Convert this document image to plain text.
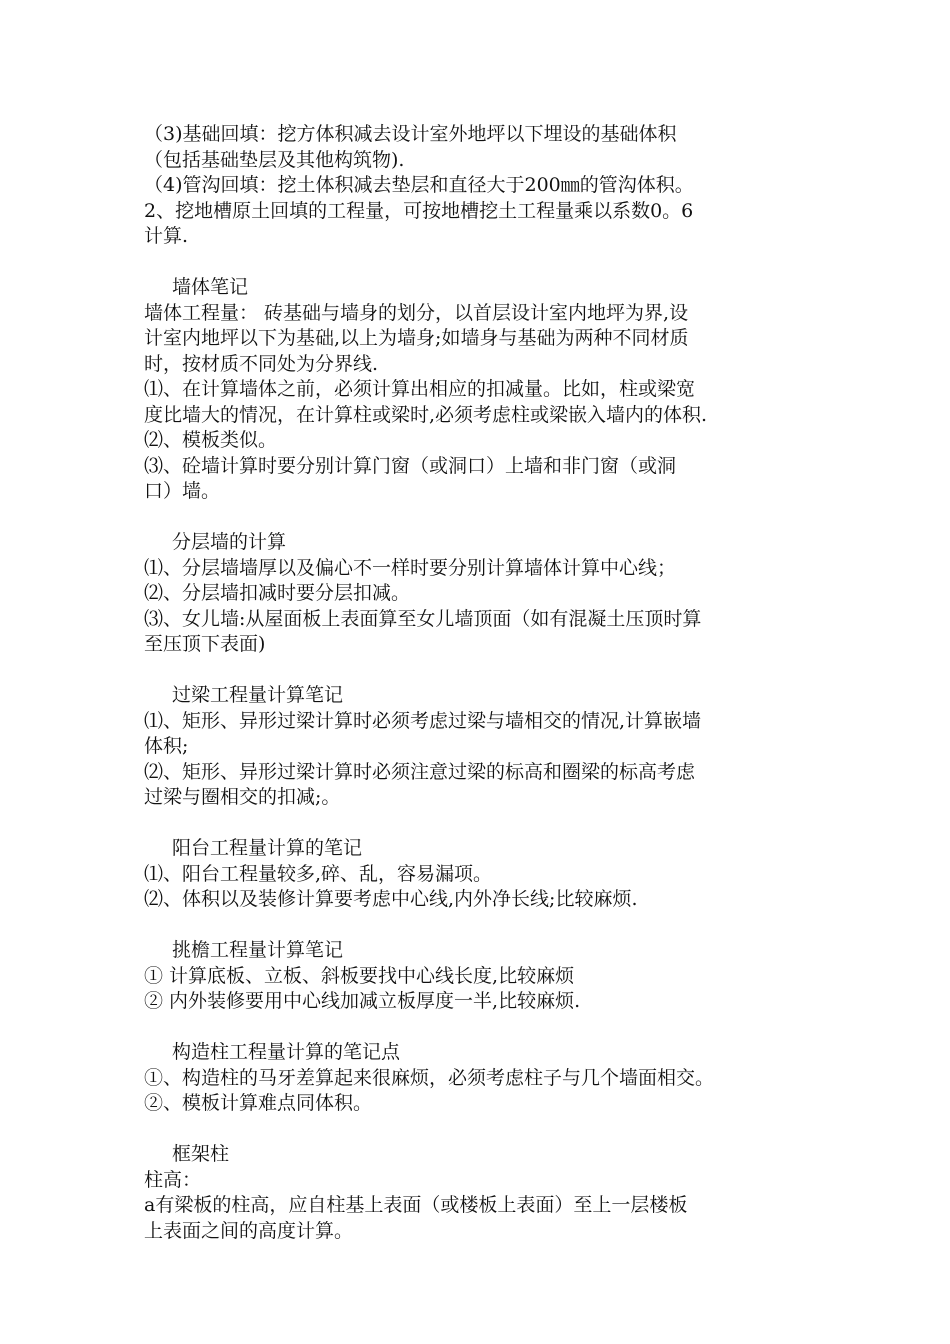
（3)基础回填：挖方体积减去设计室外地坪以下埋设的基础体积
（包括基础垫层及其他构筑物).
（4)管沟回填：挖土体积减去垫层和直径大于200㎜的管沟体积。
2、挖地槽原土回填的工程量，可按地槽挖土工程量乘以系数0。6
计算.
墙体笔记
墙体工程量： 砖基础与墙身的划分，以首层设计室内地坪为界,设
计室内地坪以下为基础,以上为墙身;如墙身与基础为两种不同材质
时，按材质不同处为分界线.
⑴、在计算墙体之前，必须计算出相应的扣减量。比如，柱或梁宽
度比墙大的情况，在计算柱或梁时,必须考虑柱或梁嵌入墙内的体积.
⑵、模板类似。
⑶、砼墙计算时要分别计算门窗（或洞口）上墙和非门窗（或洞
口）墙。
分层墙的计算
⑴、分层墙墙厚以及偏心不一样时要分别计算墙体计算中心线；
⑵、分层墙扣减时要分层扣减。
⑶、女儿墙:从屋面板上表面算至女儿墙顶面（如有混凝土压顶时算
至压顶下表面)
过梁工程量计算笔记
⑴、矩形、异形过梁计算时必须考虑过梁与墙相交的情况,计算嵌墙
体积;
⑵、矩形、异形过梁计算时必须注意过梁的标高和圈梁的标高考虑
过梁与圈相交的扣减;。
阳台工程量计算的笔记
⑴、阳台工程量较多,碎、乱，容易漏项。
⑵、体积以及装修计算要考虑中心线,内外净长线;比较麻烦.
挑檐工程量计算笔记
① 计算底板、立板、斜板要找中心线长度,比较麻烦
② 内外装修要用中心线加减立板厚度一半,比较麻烦.
构造柱工程量计算的笔记点
①、构造柱的马牙差算起来很麻烦，必须考虑柱子与几个墙面相交。
②、模板计算难点同体积。
框架柱
柱高：
a有梁板的柱高，应自柱基上表面（或楼板上表面）至上一层楼板
上表面之间的高度计算。
